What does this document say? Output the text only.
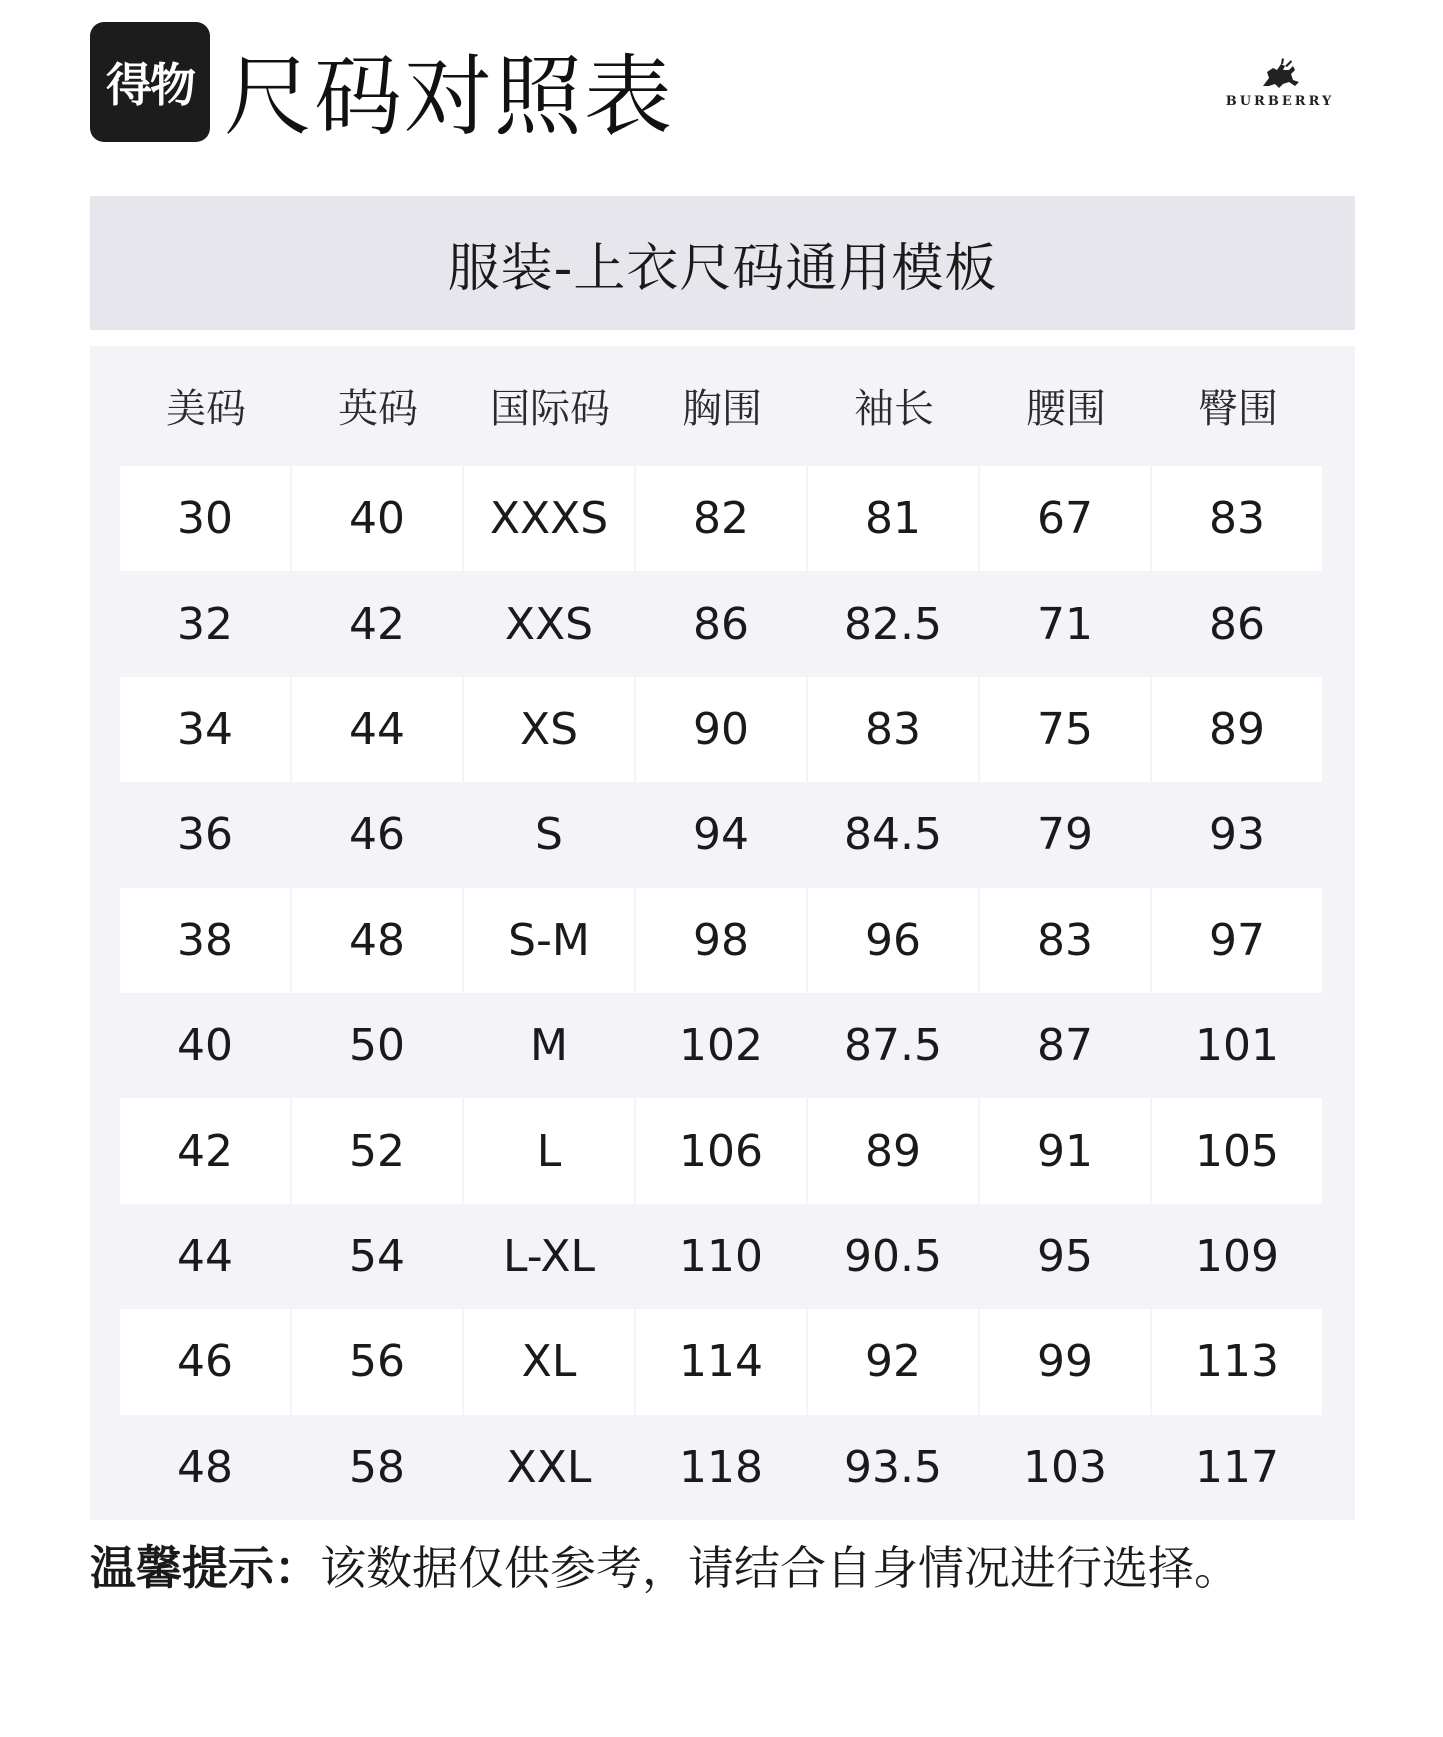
得物 尺码对照表	BURBERRY
服装-上衣尺码通用模板
美码	英码	国际码	胸围	袖长	腰围	臀围
30	40	XXXS	82	81	67	83
32	42	XXS	86	82.5	71	86
34	44	XS	90	83	75	89
36	46	S	94	84.5	79	93
38	48	S-M	98	96	83	97
40	50	M	102	87.5	87	101
42	52	L	106	89	91	105
44	54	L-XL	110	90.5	95	109
46	56	XL	114	92	99	113
48	58	XXL	118	93.5	103	117
温馨提示：该数据仅供参考，请结合自身情况进行选择。
